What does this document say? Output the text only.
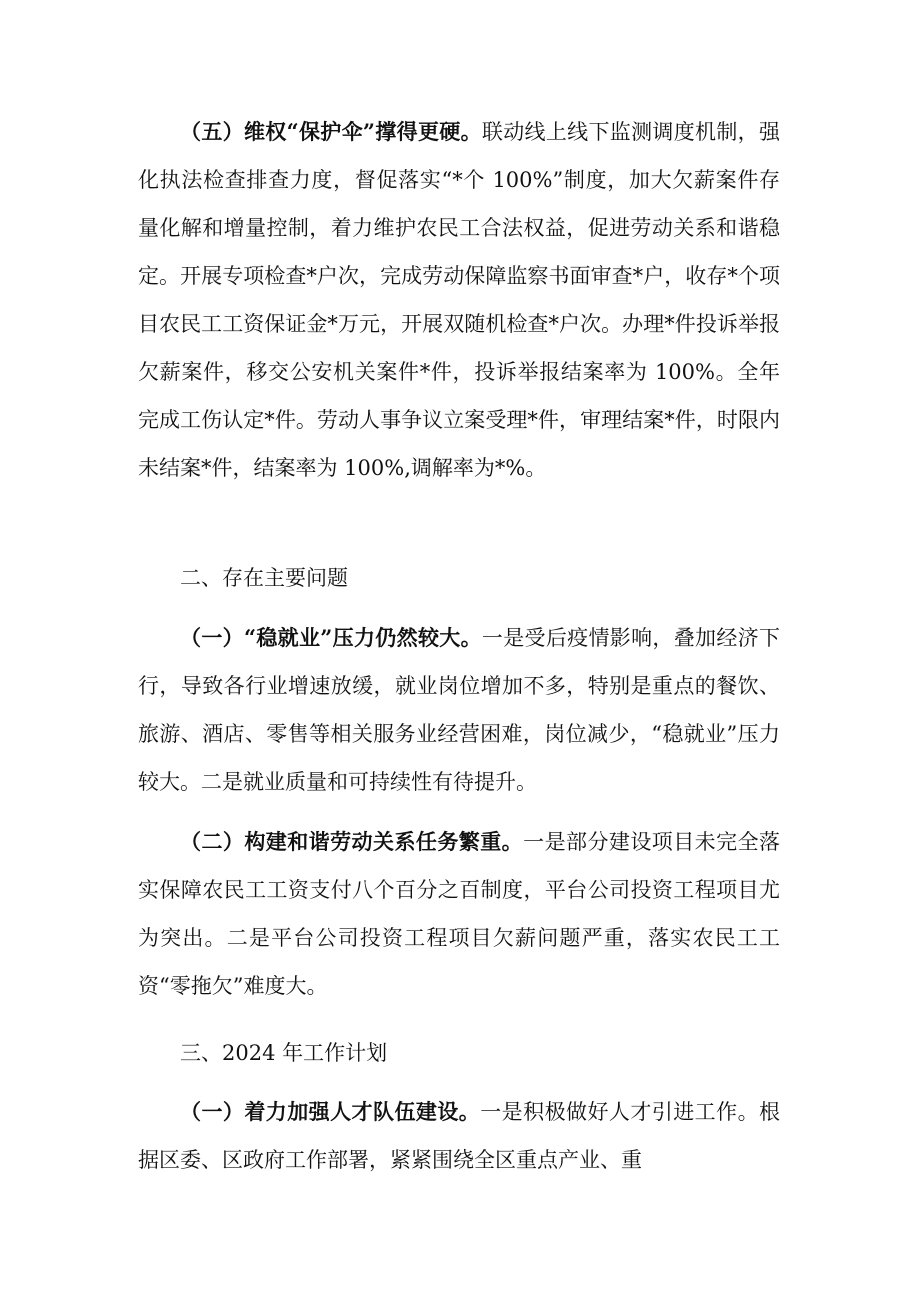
（五）维权“保护伞”撑得更硬。联动线上线下监测调度机制，强化执法检查排查力度，督促落实“*个 100%”制度，加大欠薪案件存量化解和增量控制，着力维护农民工合法权益，促进劳动关系和谐稳定。开展专项检查*户次，完成劳动保障监察书面审查*户，收存*个项目农民工工资保证金*万元，开展双随机检查*户次。办理*件投诉举报欠薪案件，移交公安机关案件*件，投诉举报结案率为 100%。全年完成工伤认定*件。劳动人事争议立案受理*件，审理结案*件，时限内未结案*件，结案率为 100%,调解率为*%。

二、存在主要问题

（一）“稳就业”压力仍然较大。一是受后疫情影响，叠加经济下行，导致各行业增速放缓，就业岗位增加不多，特别是重点的餐饮、旅游、酒店、零售等相关服务业经营困难，岗位减少，“稳就业”压力较大。二是就业质量和可持续性有待提升。

（二）构建和谐劳动关系任务繁重。一是部分建设项目未完全落实保障农民工工资支付八个百分之百制度，平台公司投资工程项目尤为突出。二是平台公司投资工程项目欠薪问题严重，落实农民工工资“零拖欠”难度大。

三、2024 年工作计划

（一）着力加强人才队伍建设。一是积极做好人才引进工作。根据区委、区政府工作部署，紧紧围绕全区重点产业、重
